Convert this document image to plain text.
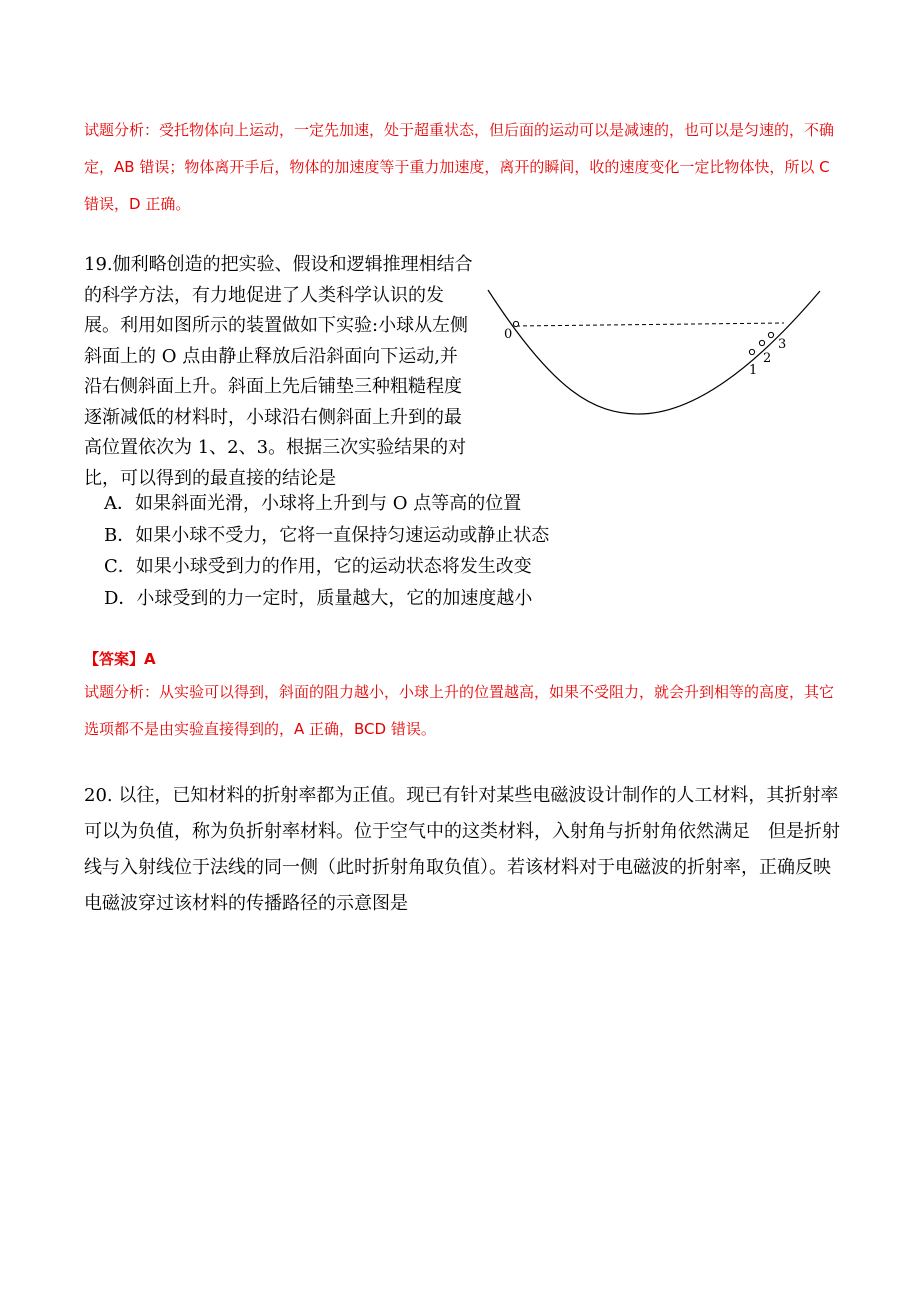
试题分析：受托物体向上运动，一定先加速，处于超重状态，但后面的运动可以是减速的，也可以是匀速的，不确定，AB 错误；物体离开手后，物体的加速度等于重力加速度，离开的瞬间，收的速度变化一定比物体快，所以 C 错误，D 正确。

19.伽利略创造的把实验、假设和逻辑推理相结合的科学方法，有力地促进了人类科学认识的发展。利用如图所示的装置做如下实验:小球从左侧斜面上的 O 点由静止释放后沿斜面向下运动,并沿右侧斜面上升。斜面上先后铺垫三种粗糙程度逐渐减低的材料时，小球沿右侧斜面上升到的最高位置依次为 1、2、3。根据三次实验结果的对比，可以得到的最直接的结论是

0
1
2
3
A．如果斜面光滑，小球将上升到与 O 点等高的位置
B．如果小球不受力，它将一直保持匀速运动或静止状态
C．如果小球受到力的作用，它的运动状态将发生改变
D．小球受到的力一定时，质量越大，它的加速度越小

【答案】A

试题分析：从实验可以得到，斜面的阻力越小，小球上升的位置越高，如果不受阻力，就会升到相等的高度，其它选项都不是由实验直接得到的，A 正确，BCD 错误。

20. 以往，已知材料的折射率都为正值。现已有针对某些电磁波设计制作的人工材料，其折射率可以为负值，称为负折射率材料。位于空气中的这类材料，入射角与折射角依然满足　但是折射线与入射线位于法线的同一侧（此时折射角取负值）。若该材料对于电磁波的折射率，正确反映电磁波穿过该材料的传播路径的示意图是
